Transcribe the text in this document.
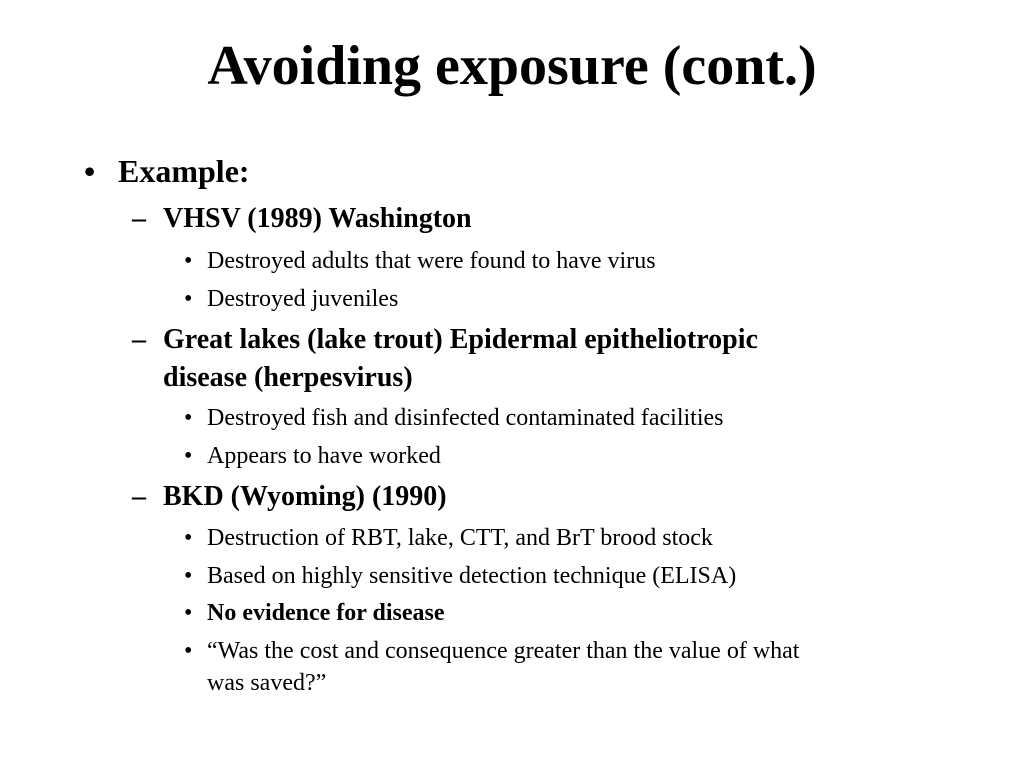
Avoiding exposure (cont.)
• Example:
– VHSV (1989) Washington
• Destroyed adults that were found to have virus
• Destroyed juveniles
– Great lakes (lake trout) Epidermal epitheliotropic
disease (herpesvirus)
• Destroyed fish and disinfected contaminated facilities
• Appears to have worked
– BKD (Wyoming) (1990)
• Destruction of RBT, lake, CTT, and BrT brood stock
• Based on highly sensitive detection technique (ELISA)
• No evidence for disease
• “Was the cost and consequence greater than the value of what
was saved?”
